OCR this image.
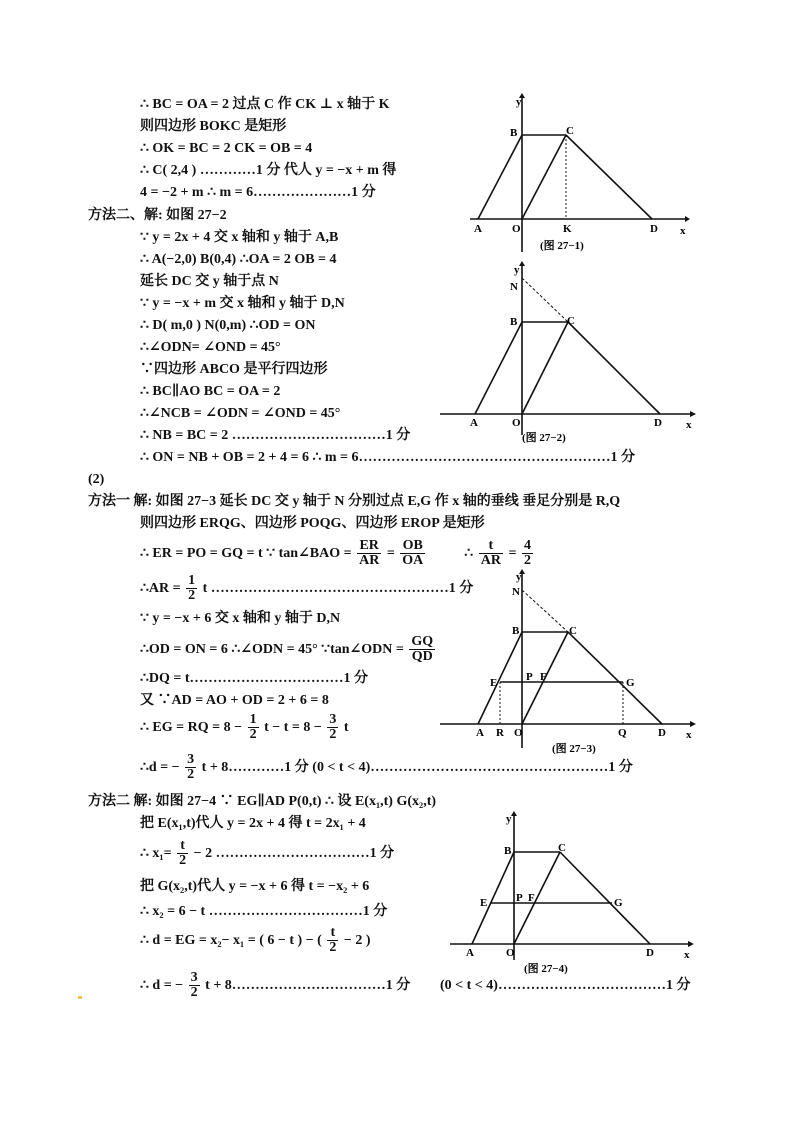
∴ BC = OA = 2 过点 C 作 CK ⊥ x 轴于 K
则四边形 BOKC 是矩形
∴ OK = BC = 2 CK = OB = 4
∴ C( 2,4 ) …………1 分 代人 y = −x + m 得
4 = −2 + m ∴ m = 6…………………1 分
方法二、解: 如图 27−2
∵ y = 2x + 4 交 x 轴和 y 轴于 A,B
∴ A(−2,0) B(0,4) ∴OA = 2 OB = 4
延长 DC 交 y 轴于点 N
∵ y = −x + m 交 x 轴和 y 轴于 D,N
∴ D( m,0 ) N(0,m) ∴OD = ON
∴∠ODN= ∠OND = 45°
∵四边形 ABCO 是平行四边形
∴ BC∥AO BC = OA = 2
∴∠NCB = ∠ODN = ∠OND = 45°
∴ NB = BC = 2 ……………………………1 分
∴ ON = NB + OB = 2 + 4 = 6 ∴ m = 6………………………………………………1 分
(2)
方法一 解: 如图 27−3 延长 DC 交 y 轴于 N 分别过点 E,G 作 x 轴的垂线 垂足分别是 R,Q
则四边形 ERQG、四边形 POQG、四边形 EROP 是矩形
∴ ER = PO = GQ = t ∵ tan∠BAO = $\frac{ER}{AR} = \frac{OB}{OA}$	∴ $\frac{t}{AR} = \frac{4}{2}$
∴AR = $\frac{1}{2}$ t ……………………………………………1 分
∵ y = −x + 6 交 x 轴和 y 轴于 D,N
∴OD = ON = 6 ∴∠ODN = 45° ∵tan∠ODN = $\frac{GQ}{QD}$
∴DQ = t……………………………1 分
又 ∵AD = AO + OD = 2 + 6 = 8
∴ EG = RQ = $8 - \frac{1}{2}$ $t - t = 8 - \frac{3}{2}$ t
∴d = − $\frac{3}{2}$ t + 8…………1 分 (0 < t < 4)……………………………………………1 分
方法二 解: 如图 27−4 ∵ EG∥AD P(0,t) ∴ 设 E(x₁,t) G(x₂,t)
把 E(x₁,t)代人 y = 2x + 4 得 t = 2x₁ + 4
∴ $x_1= \frac{t}{2} - 2$ ……………………………1 分
把 G(x₂,t)代人 y = −x + 6 得 t = −x₂ + 6
∴ x₂ = 6 − t ……………………………1 分
∴ d = EG = x₂− x₁ = ( 6 − t ) − ( $\frac{t}{2} - 2$ )
∴ d = − $\frac{3}{2}$ t + 8……………………………1 分 (0 < t < 4)………………………………1 分
y
x
B	C
A	O	K	D
(图 27−1)
y
x
N
B	C
A	O	D
(图 27−2)
y
x
N
B	C
E	P F	G
A R O	Q	D
(图 27−3)
y
x
B	C
E	P F	G
A	O	D
(图 27−4)
